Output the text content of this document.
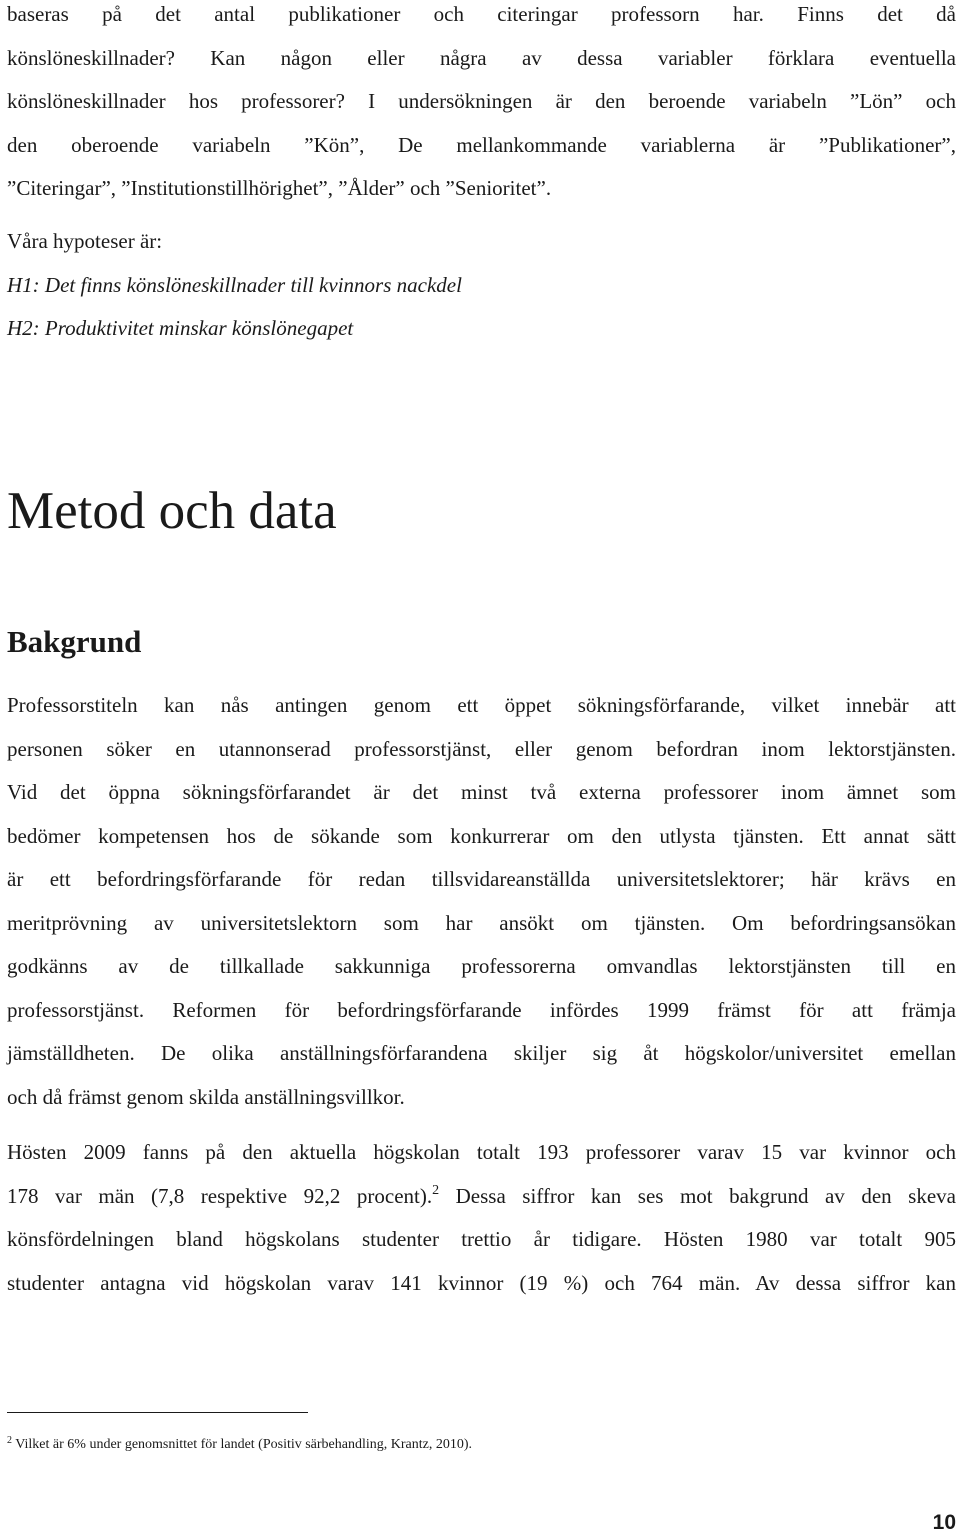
baseras på det antal publikationer och citeringar professorn har. Finns det då
könslöneskillnader? Kan någon eller några av dessa variabler förklara eventuella
könslöneskillnader hos professorer? I undersökningen är den beroende variabeln ”Lön” och
den oberoende variabeln ”Kön”, De mellankommande variablerna är ”Publikationer”,
”Citeringar”, ”Institutionstillhörighet”, ”Ålder” och ”Senioritet”.
Våra hypoteser är:
H1: Det finns könslöneskillnader till kvinnors nackdel
H2: Produktivitet minskar könslönegapet
Metod och data
Bakgrund
Professorstiteln kan nås antingen genom ett öppet sökningsförfarande, vilket innebär att
personen söker en utannonserad professorstjänst, eller genom befordran inom lektorstjänsten.
Vid det öppna sökningsförfarandet är det minst två externa professorer inom ämnet som
bedömer kompetensen hos de sökande som konkurrerar om den utlysta tjänsten. Ett annat sätt
är ett befordringsförfarande för redan tillsvidareanställda universitetslektorer; här krävs en
meritprövning av universitetslektorn som har ansökt om tjänsten. Om befordringsansökan
godkänns av de tillkallade sakkunniga professorerna omvandlas lektorstjänsten till en
professorstjänst. Reformen för befordringsförfarande infördes 1999 främst för att främja
jämställdheten. De olika anställningsförfarandena skiljer sig åt högskolor/universitet emellan
och då främst genom skilda anställningsvillkor.
Hösten 2009 fanns på den aktuella högskolan totalt 193 professorer varav 15 var kvinnor och
178 var män (7,8 respektive 92,2 procent).$^2$ Dessa siffror kan ses mot bakgrund av den skeva
könsfördelningen bland högskolans studenter trettio år tidigare. Hösten 1980 var totalt 905
studenter antagna vid högskolan varav 141 kvinnor (19 %) och 764 män. Av dessa siffror kan
$^2$ Vilket är 6% under genomsnittet för landet (Positiv särbehandling, Krantz, 2010).
10
